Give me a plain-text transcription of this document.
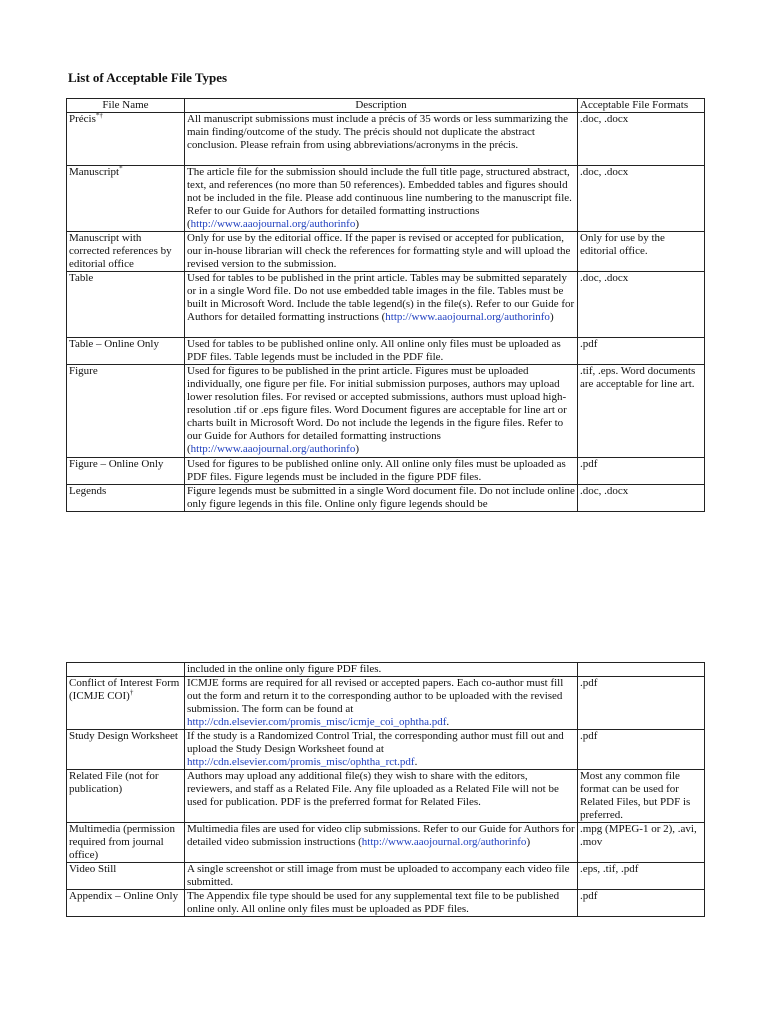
List of Acceptable File Types
File Name	Description	Acceptable File Formats
Précis*†	All manuscript submissions must include a précis of 35 words or less summarizing the main finding/outcome of the study. The précis should not duplicate the abstract conclusion. Please refrain from using abbreviations/acronyms in the précis.	.doc, .docx
Manuscript*	The article file for the submission should include the full title page, structured abstract, text, and references (no more than 50 references). Embedded tables and figures should not be included in the file. Please add continuous line numbering to the manuscript file. Refer to our Guide for Authors for detailed formatting instructions (http://www.aaojournal.org/authorinfo)	.doc, .docx
Manuscript with corrected references by editorial office	Only for use by the editorial office. If the paper is revised or accepted for publication, our in-house librarian will check the references for formatting style and will upload the revised version to the submission.	Only for use by the editorial office.
Table	Used for tables to be published in the print article. Tables may be submitted separately or in a single Word file. Do not use embedded table images in the file. Tables must be built in Microsoft Word. Include the table legend(s) in the file(s). Refer to our Guide for Authors for detailed formatting instructions (http://www.aaojournal.org/authorinfo)	.doc, .docx
Table – Online Only	Used for tables to be published online only. All online only files must be uploaded as PDF files. Table legends must be included in the PDF file.	.pdf
Figure	Used for figures to be published in the print article. Figures must be uploaded individually, one figure per file. For initial submission purposes, authors may upload lower resolution files. For revised or accepted submissions, authors must upload high-resolution .tif or .eps figure files. Word Document figures are acceptable for line art or charts built in Microsoft Word. Do not include the legends in the figure files. Refer to our Guide for Authors for detailed formatting instructions (http://www.aaojournal.org/authorinfo)	.tif, .eps. Word documents are acceptable for line art.
Figure – Online Only	Used for figures to be published online only. All online only files must be uploaded as PDF files. Figure legends must be included in the figure PDF files.	.pdf
Legends	Figure legends must be submitted in a single Word document file. Do not include online only figure legends in this file. Online only figure legends should be	.doc, .docx
	included in the online only figure PDF files.	
Conflict of Interest Form (ICMJE COI)†	ICMJE forms are required for all revised or accepted papers. Each co-author must fill out the form and return it to the corresponding author to be uploaded with the revised submission. The form can be found at http://cdn.elsevier.com/promis_misc/icmje_coi_ophtha.pdf.	.pdf
Study Design Worksheet	If the study is a Randomized Control Trial, the corresponding author must fill out and upload the Study Design Worksheet found at http://cdn.elsevier.com/promis_misc/ophtha_rct.pdf.	.pdf
Related File (not for publication)	Authors may upload any additional file(s) they wish to share with the editors, reviewers, and staff as a Related File. Any file uploaded as a Related File will not be used for publication. PDF is the preferred format for Related Files.	Most any common file format can be used for Related Files, but PDF is preferred.
Multimedia (permission required from journal office)	Multimedia files are used for video clip submissions. Refer to our Guide for Authors for detailed video submission instructions (http://www.aaojournal.org/authorinfo)	.mpg (MPEG-1 or 2), .avi, .mov
Video Still	A single screenshot or still image from must be uploaded to accompany each video file submitted.	.eps, .tif, .pdf
Appendix – Online Only	The Appendix file type should be used for any supplemental text file to be published online only. All online only files must be uploaded as PDF files.	.pdf
